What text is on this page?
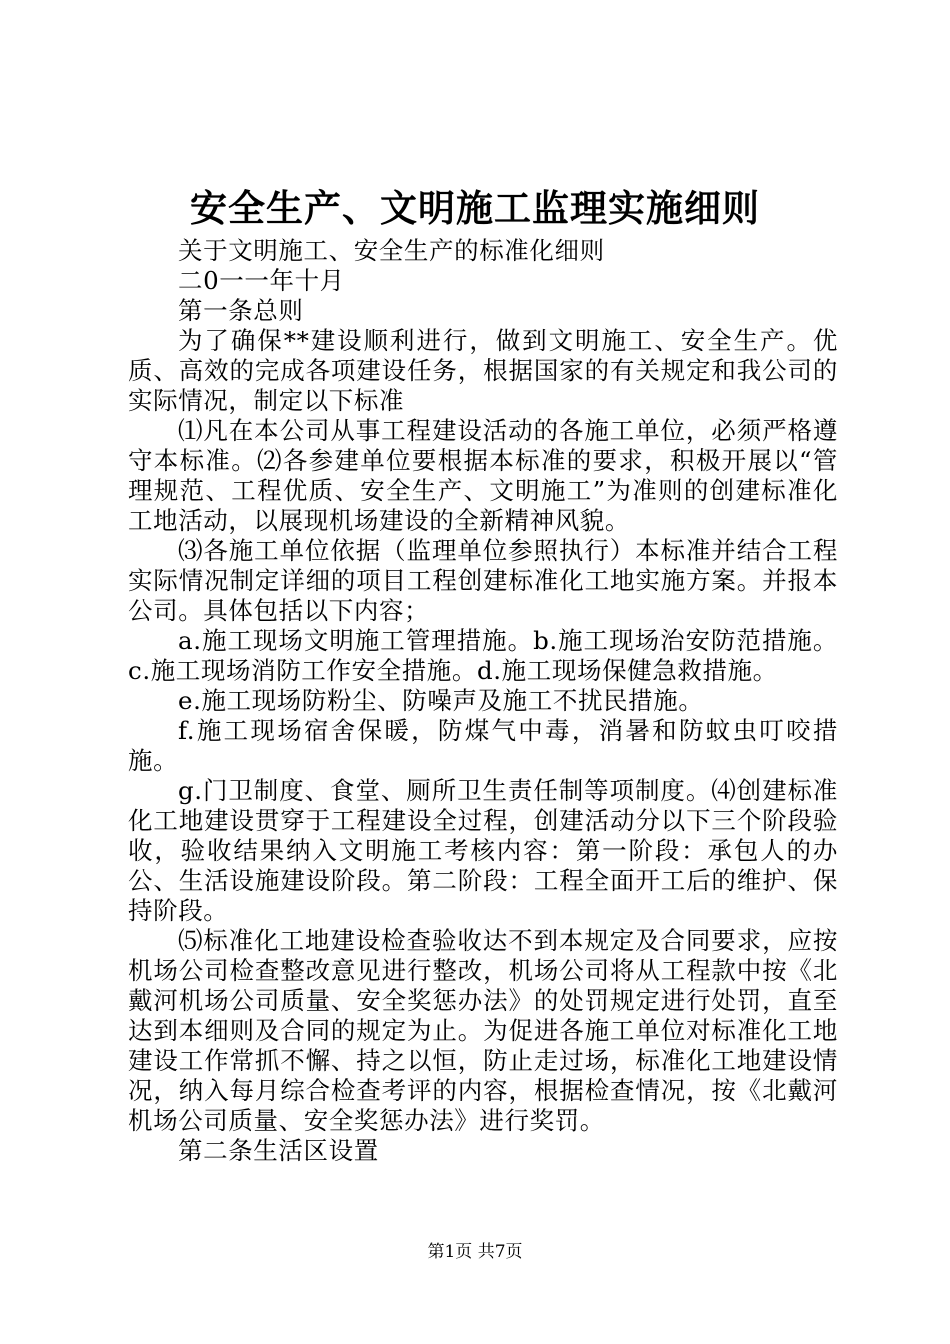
安全生产、文明施工监理实施细则

关于文明施工、安全生产的标准化细则

二0一一年十月

第一条总则

为了确保**建设顺利进行，做到文明施工、安全生产。优质、高效的完成各项建设任务，根据国家的有关规定和我公司的实际情况，制定以下标准

⑴凡在本公司从事工程建设活动的各施工单位，必须严格遵守本标准。⑵各参建单位要根据本标准的要求，积极开展以“管理规范、工程优质、安全生产、文明施工”为准则的创建标准化工地活动，以展现机场建设的全新精神风貌。

⑶各施工单位依据（监理单位参照执行）本标准并结合工程实际情况制定详细的项目工程创建标准化工地实施方案。并报本公司。具体包括以下内容；

a.施工现场文明施工管理措施。b.施工现场治安防范措施。c.施工现场消防工作安全措施。d.施工现场保健急救措施。

e.施工现场防粉尘、防噪声及施工不扰民措施。

f.施工现场宿舍保暖，防煤气中毒，消暑和防蚊虫叮咬措施。

g.门卫制度、食堂、厕所卫生责任制等项制度。⑷创建标准化工地建设贯穿于工程建设全过程，创建活动分以下三个阶段验收，验收结果纳入文明施工考核内容：第一阶段：承包人的办公、生活设施建设阶段。第二阶段：工程全面开工后的维护、保持阶段。

⑸标准化工地建设检查验收达不到本规定及合同要求，应按机场公司检查整改意见进行整改，机场公司将从工程款中按《北戴河机场公司质量、安全奖惩办法》的处罚规定进行处罚，直至达到本细则及合同的规定为止。为促进各施工单位对标准化工地建设工作常抓不懈、持之以恒，防止走过场，标准化工地建设情况，纳入每月综合检查考评的内容，根据检查情况，按《北戴河机场公司质量、安全奖惩办法》进行奖罚。

第二条生活区设置

第1页 共7页
